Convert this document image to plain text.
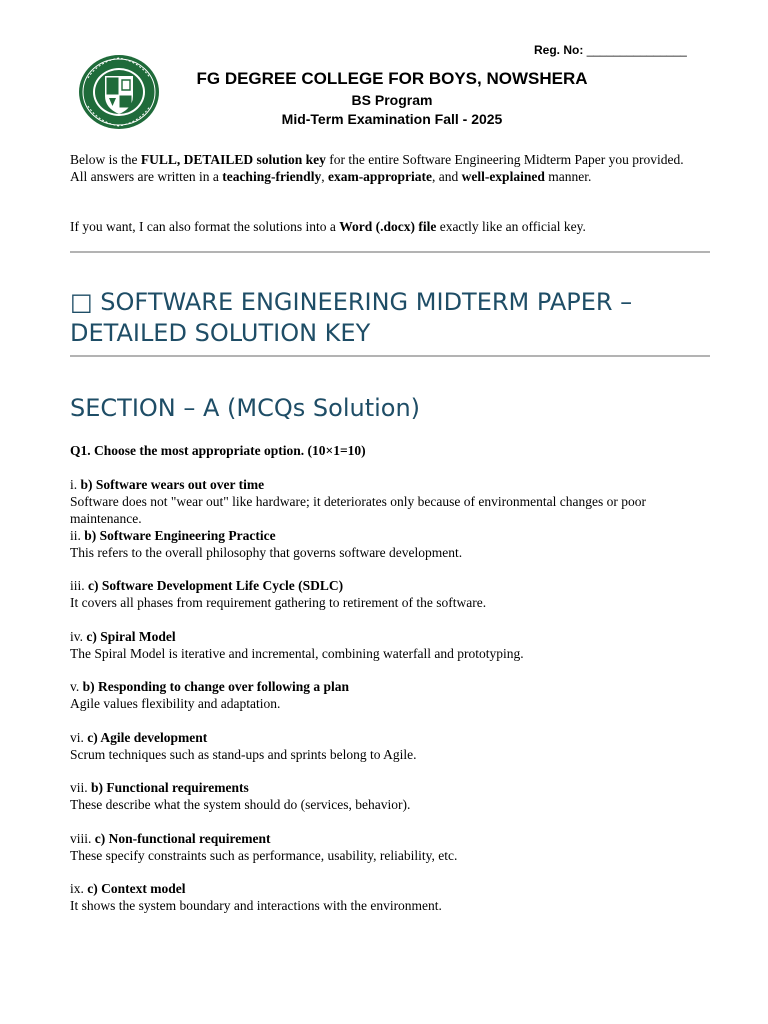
Reg. No: _______________
FG DEGREE COLLEGE FOR BOYS, NOWSHERA
BS Program
Mid-Term Examination Fall - 2025

Below is the FULL, DETAILED solution key for the entire Software Engineering Midterm Paper you provided.

All answers are written in a teaching-friendly, exam-appropriate, and well-explained manner.

If you want, I can also format the solutions into a Word (.docx) file exactly like an official key.
□ SOFTWARE ENGINEERING MIDTERM PAPER – DETAILED SOLUTION KEY
SECTION – A (MCQs Solution)
Q1. Choose the most appropriate option. (10×1=10)
i. b) Software wears out over time
Software does not "wear out" like hardware; it deteriorates only because of environmental changes or poor maintenance.
ii. b) Software Engineering Practice
This refers to the overall philosophy that governs software development.
iii. c) Software Development Life Cycle (SDLC)
It covers all phases from requirement gathering to retirement of the software.
iv. c) Spiral Model
The Spiral Model is iterative and incremental, combining waterfall and prototyping.
v. b) Responding to change over following a plan
Agile values flexibility and adaptation.
vi. c) Agile development
Scrum techniques such as stand-ups and sprints belong to Agile.
vii. b) Functional requirements
These describe what the system should do (services, behavior).
viii. c) Non-functional requirement
These specify constraints such as performance, usability, reliability, etc.
ix. c) Context model
It shows the system boundary and interactions with the environment.
